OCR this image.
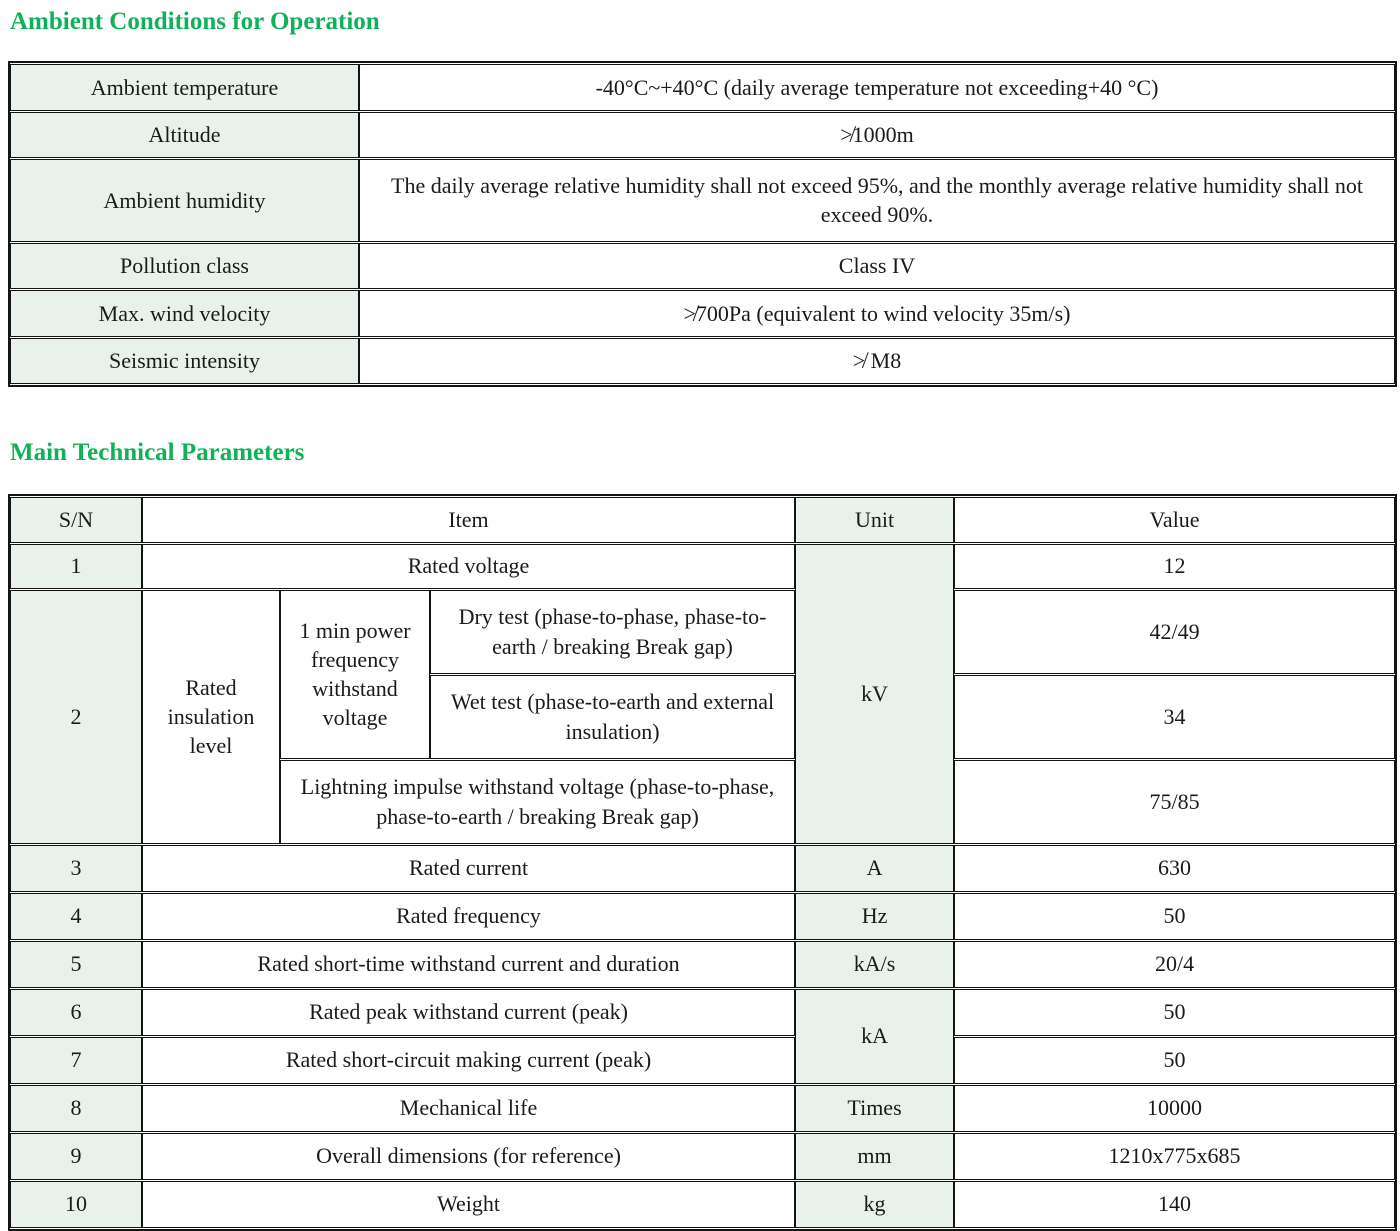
Ambient Conditions for Operation
Ambient temperature	-40°C~+40°C (daily average temperature not exceeding+40 °C)
Altitude	≯1000m
Ambient humidity	The daily average relative humidity shall not exceed 95%, and the monthly average relative humidity shall not exceed 90%.
Pollution class	Class IV
Max. wind velocity	≯700Pa (equivalent to wind velocity 35m/s)
Seismic intensity	≯ M8
Main Technical Parameters
S/N	Item			Unit	Value
1	Rated voltage			kV	12
2	Rated insulation level	1 min power frequency withstand voltage	Dry test (phase-to-phase, phase-to-earth / breaking Break gap)		42/49
			Wet test (phase-to-earth and external insulation)		34
		Lightning impulse withstand voltage (phase-to-phase, phase-to-earth / breaking Break gap)			75/85
3	Rated current			A	630
4	Rated frequency			Hz	50
5	Rated short-time withstand current and duration			kA/s	20/4
6	Rated peak withstand current (peak)			kA	50
7	Rated short-circuit making current (peak)				50
8	Mechanical life			Times	10000
9	Overall dimensions (for reference)			mm	1210x775x685
10	Weight			kg	140
